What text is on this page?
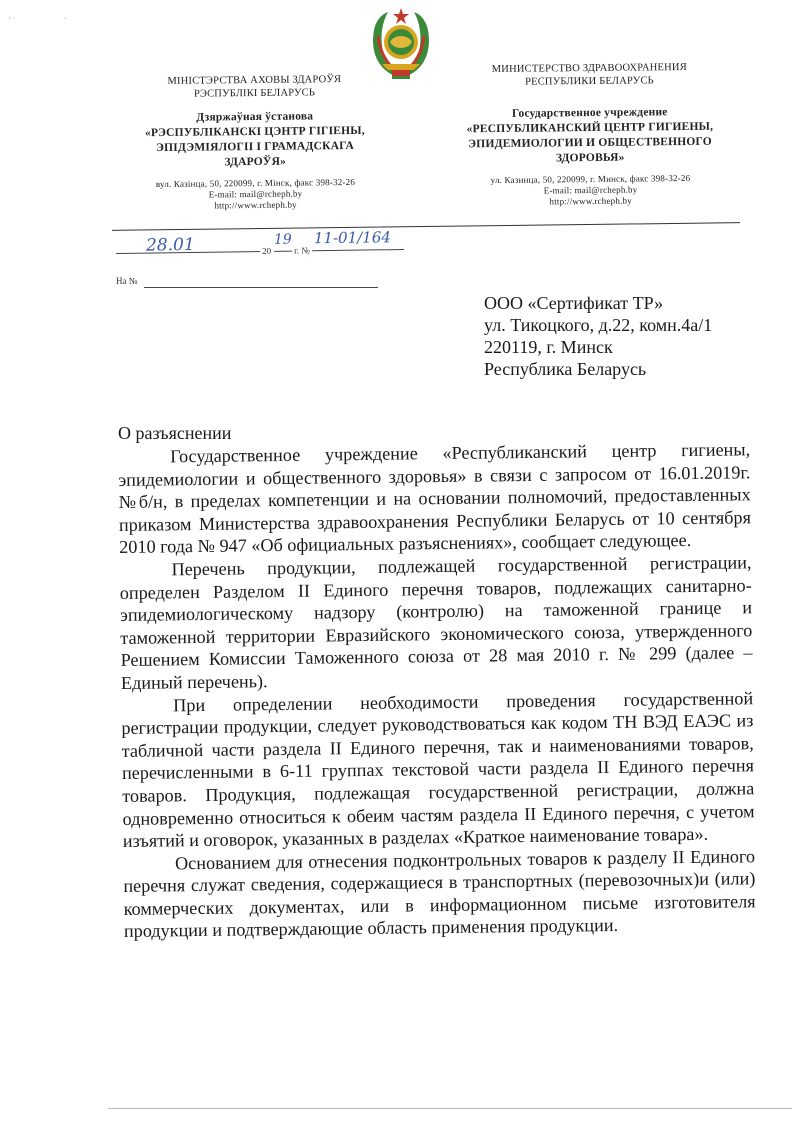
· ·	·
МІНІСТЭРСТВА АХОВЫ ЗДАРОЎЯ
РЭСПУБЛІКІ БЕЛАРУСЬ
Дзяржаўная ўстанова
«РЭСПУБЛІКАНСКІ ЦЭНТР ГІГІЕНЫ,
ЭПІДЭМІЯЛОГІІ І ГРАМАДСКАГА
ЗДАРОЎЯ»
вул. Казінца, 50, 220099, г. Мінск, факс 398-32-26
E-mail: mail@rcheph.by
http://www.rcheph.by
МИНИСТЕРСТВО ЗДРАВООХРАНЕНИЯ
РЕСПУБЛИКИ БЕЛАРУСЬ
Государственное учреждение
«РЕСПУБЛИКАНСКИЙ ЦЕНТР ГИГИЕНЫ,
ЭПИДЕМИОЛОГИИ И ОБЩЕСТВЕННОГО
ЗДОРОВЬЯ»
ул. Казинца, 50, 220099, г. Минск, факс 398-32-26
E-mail: mail@rcheph.by
http://www.rcheph.by
28.01	20
19
г. №
11-01/164
На №
ООО «Сертификат ТР»
ул. Тикоцкого, д.22, комн.4а/1
220119, г. Минск
Республика Беларусь
О разъяснении

Государственное учреждение «Республиканский центр гигиены, эпидемиологии и общественного здоровья» в связи с запросом от 16.01.2019г. №б/н, в пределах компетенции и на основании полномочий, предоставленных приказом Министерства здравоохранения Республики Беларусь от 10 сентября 2010 года № 947 «Об официальных разъяснениях», сообщает следующее.

Перечень продукции, подлежащей государственной регистрации, определен Разделом II Единого перечня товаров, подлежащих санитарно-эпидемиологическому надзору (контролю) на таможенной границе и таможенной территории Евразийского экономического союза, утвержденного Решением Комиссии Таможенного союза от 28 мая 2010 г. № 299 (далее – Единый перечень).

При определении необходимости проведения государственной регистрации продукции, следует руководствоваться как кодом ТН ВЭД ЕАЭС из табличной части раздела II Единого перечня, так и наименованиями товаров, перечисленными в 6-11 группах текстовой части раздела II Единого перечня товаров. Продукция, подлежащая государственной регистрации, должна одновременно относиться к обеим частям раздела II Единого перечня, с учетом изъятий и оговорок, указанных в разделах «Краткое наименование товара».

Основанием для отнесения подконтрольных товаров к разделу II Единого перечня служат сведения, содержащиеся в транспортных (перевозочных)и (или) коммерческих документах, или в информационном письме изготовителя продукции и подтверждающие область применения продукции.
